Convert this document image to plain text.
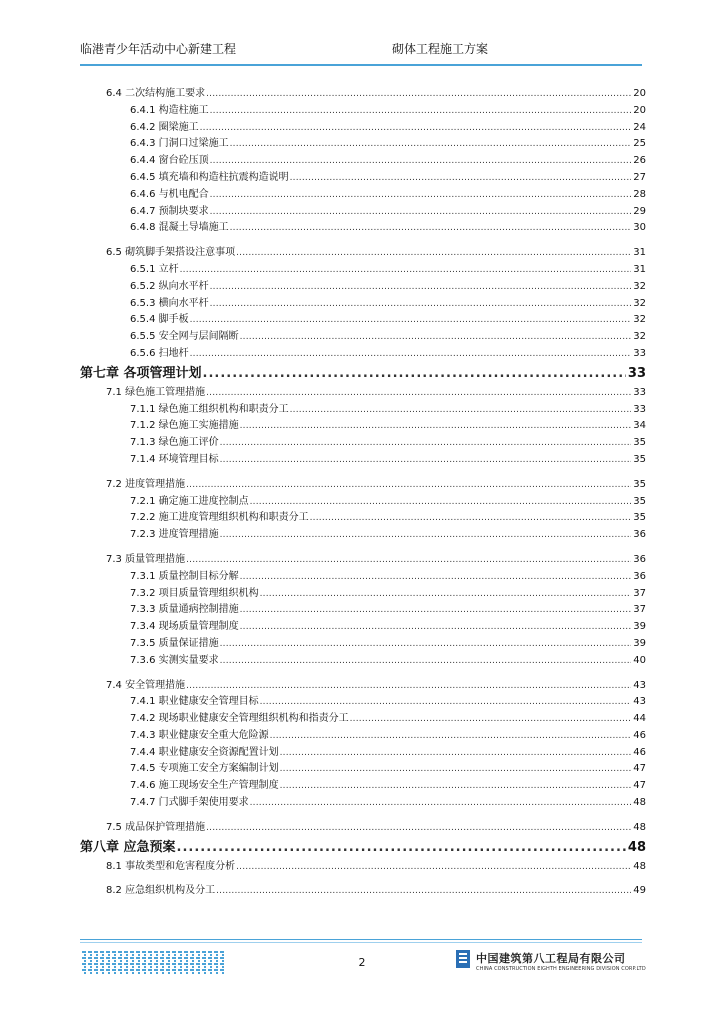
临港青少年活动中心新建工程	砌体工程施工方案
6.4 二次结构施工要求 .....	20
6.4.1 构造柱施工 .....	20
6.4.2 圈梁施工 .....	24
6.4.3 门洞口过梁施工 .....	25
6.4.4 窗台砼压顶 .....	26
6.4.5 填充墙和构造柱抗震构造说明 .....	27
6.4.6 与机电配合 .....	28
6.4.7 预制块要求 .....	29
6.4.8 混凝土导墙施工 .....	30
6.5 砌筑脚手架搭设注意事项 .....	31
6.5.1 立杆 .....	31
6.5.2 纵向水平杆 .....	32
6.5.3 横向水平杆 .....	32
6.5.4 脚手板 .....	32
6.5.5 安全网与层间隔断 .....	32
6.5.6 扫地杆 .....	33
第七章 各项管理计划 .....	33
7.1 绿色施工管理措施 .....	33
7.1.1 绿色施工组织机构和职责分工 .....	33
7.1.2 绿色施工实施措施 .....	34
7.1.3 绿色施工评价 .....	35
7.1.4 环境管理目标 .....	35
7.2 进度管理措施 .....	35
7.2.1 确定施工进度控制点 .....	35
7.2.2 施工进度管理组织机构和职责分工 .....	35
7.2.3 进度管理措施 .....	36
7.3 质量管理措施 .....	36
7.3.1 质量控制目标分解 .....	36
7.3.2 项目质量管理组织机构 .....	37
7.3.3 质量通病控制措施 .....	37
7.3.4 现场质量管理制度 .....	39
7.3.5 质量保证措施 .....	39
7.3.6 实测实量要求 .....	40
7.4 安全管理措施 .....	43
7.4.1 职业健康安全管理目标 .....	43
7.4.2 现场职业健康安全管理组织机构和指责分工 .....	44
7.4.3 职业健康安全重大危险源 .....	46
7.4.4 职业健康安全资源配置计划 .....	46
7.4.5 专项施工安全方案编制计划 .....	47
7.4.6 施工现场安全生产管理制度 .....	47
7.4.7 门式脚手架使用要求 .....	48
7.5 成品保护管理措施 .....	48
第八章 应急预案 .....	48
8.1 事故类型和危害程度分析 .....	48
8.2 应急组织机构及分工 .....	49
2	中国建筑第八工程局有限公司
CHINA CONSTRUCTION EIGHTH ENGINEERING DIVISION CORP.LTD
